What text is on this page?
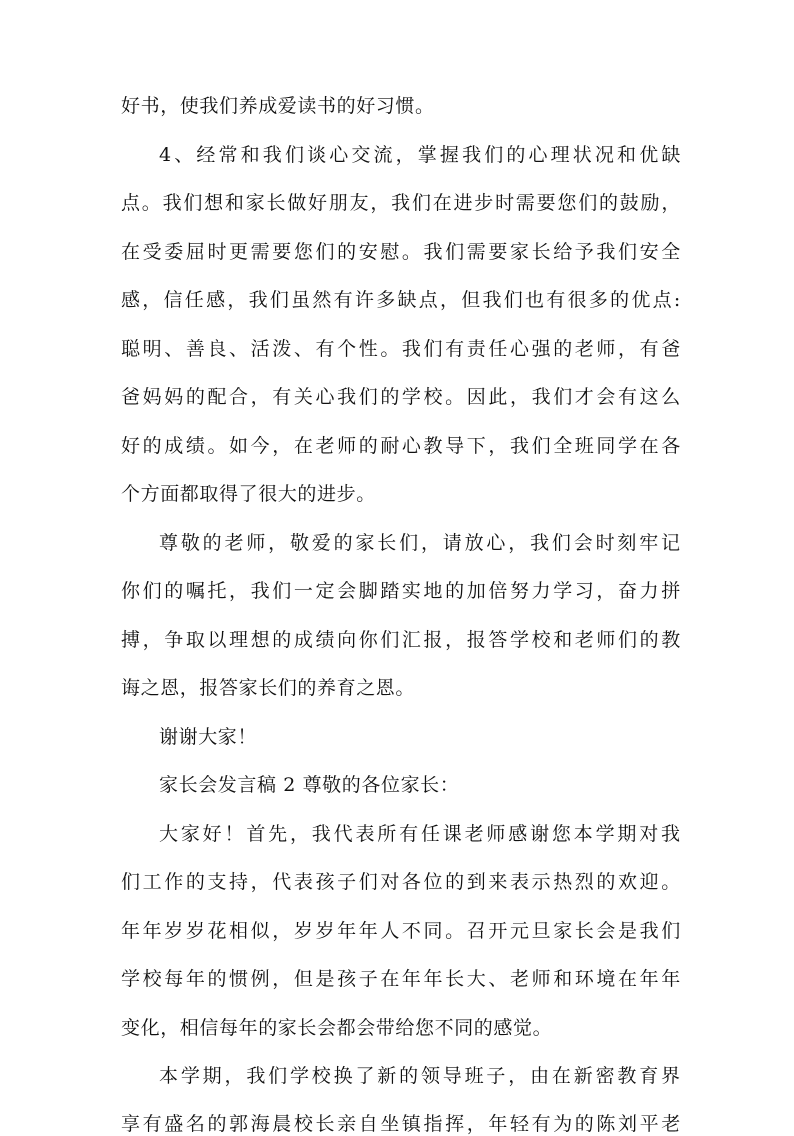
好书，使我们养成爱读书的好习惯。
4 、 经 常 和 我 们 谈 心 交 流 ， 掌 握 我 们 的 心 理 状 况 和 优 缺
点 。 我 们 想 和 家 长 做 好 朋 友 ， 我 们 在 进 步 时 需 要 您 们 的 鼓 励 ，
在 受 委 屈 时 更 需 要 您 们 的 安 慰 。 我 们 需 要 家 长 给 予 我 们 安 全
感 ， 信 任 感 ， 我 们 虽 然 有 许 多 缺 点 ， 但 我 们 也 有 很 多 的 优 点 :
聪 明 、 善 良 、 活 泼 、 有 个 性 。 我 们 有 责 任 心 强 的 老 师 ， 有 爸
爸 妈 妈 的 配 合 ， 有 关 心 我 们 的 学 校 。 因 此 ， 我 们 才 会 有 这 么
好 的 成 绩 。 如 今 ， 在 老 师 的 耐 心 教 导 下 ， 我 们 全 班 同 学 在 各
个方面都取得了很大的进步。
尊 敬 的 老 师 ， 敬 爱 的 家 长 们 ， 请 放 心 ， 我 们 会 时 刻 牢 记
你 们 的 嘱 托 ， 我 们 一 定 会 脚 踏 实 地 的 加 倍 努 力 学 习 ， 奋 力 拼
搏 ， 争 取 以 理 想 的 成 绩 向 你 们 汇 报 ， 报 答 学 校 和 老 师 们 的 教
诲之恩，报答家长们的养育之恩。
谢谢大家！
家长会发言稿 2 尊敬的各位家长：
大 家 好 ！ 首 先 ， 我 代 表 所 有 任 课 老 师 感 谢 您 本 学 期 对 我
们 工 作 的 支 持 ， 代 表 孩 子 们 对 各 位 的 到 来 表 示 热 烈 的 欢 迎 。
年 年 岁 岁 花 相 似 ， 岁 岁 年 年 人 不 同 。 召 开 元 旦 家 长 会 是 我 们
学 校 每 年 的 惯 例 ， 但 是 孩 子 在 年 年 长 大 、 老 师 和 环 境 在 年 年
变化，相信每年的家长会都会带给您不同的感觉。
本 学 期 ， 我 们 学 校 换 了 新 的 领 导 班 子 ， 由 在 新 密 教 育 界
享 有 盛 名 的 郭 海 晨 校 长 亲 自 坐 镇 指 挥 ， 年 轻 有 为 的 陈 刘 平 老
